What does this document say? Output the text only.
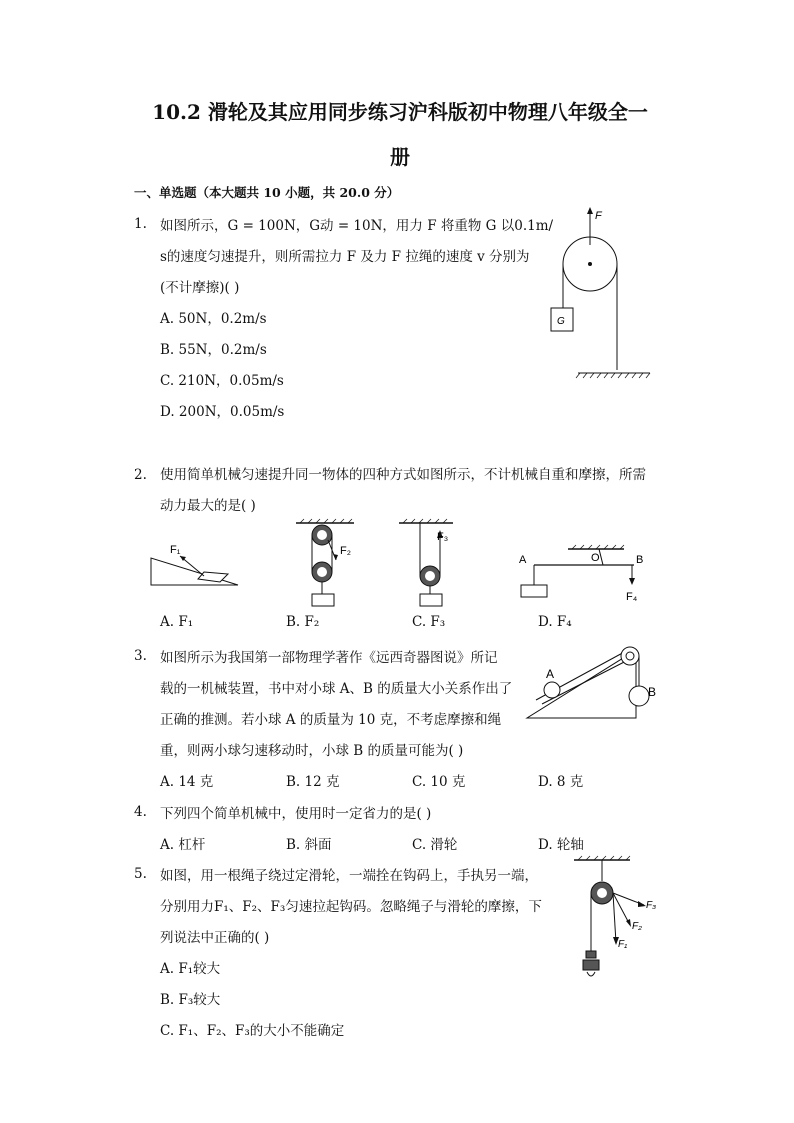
10.2 滑轮及其应用同步练习沪科版初中物理八年级全一
册
一、单选题（本大题共 10 小题，共 20.0 分）
1. 如图所示，G = 100N，G动 = 10N，用力 F 将重物 G 以0.1m/
s的速度匀速提升，则所需拉力 F 及力 F 拉绳的速度 v 分别为
(不计摩擦)( )
A. 50N，0.2m/s
B. 55N，0.2m/s
C. 210N，0.05m/s
D. 200N，0.05m/s
F
G
2. 使用简单机械匀速提升同一物体的四种方式如图所示，不计机械自重和摩擦，所需
动力最大的是( )
F₁	F₂
F₃
A	O	B
F₄
A. F₁	B. F₂	C. F₃	D. F₄
3. 如图所示为我国第一部物理学著作《远西奇器图说》所记
载的一机械装置，书中对小球 A、B 的质量大小关系作出了
正确的推测。若小球 A 的质量为 10 克，不考虑摩擦和绳
重，则两小球匀速移动时，小球 B 的质量可能为( )
A
B
A. 14 克	B. 12 克	C. 10 克	D. 8 克
4. 下列四个简单机械中，使用时一定省力的是( )
A. 杠杆	B. 斜面	C. 滑轮	D. 轮轴
5. 如图，用一根绳子绕过定滑轮，一端拴在钩码上，手执另一端，
分别用力F₁、F₂、F₃匀速拉起钩码。忽略绳子与滑轮的摩擦，下
列说法中正确的( )
A. F₁较大
B. F₃较大
C. F₁、F₂、F₃的大小不能确定
F₁
F₂
F₃
